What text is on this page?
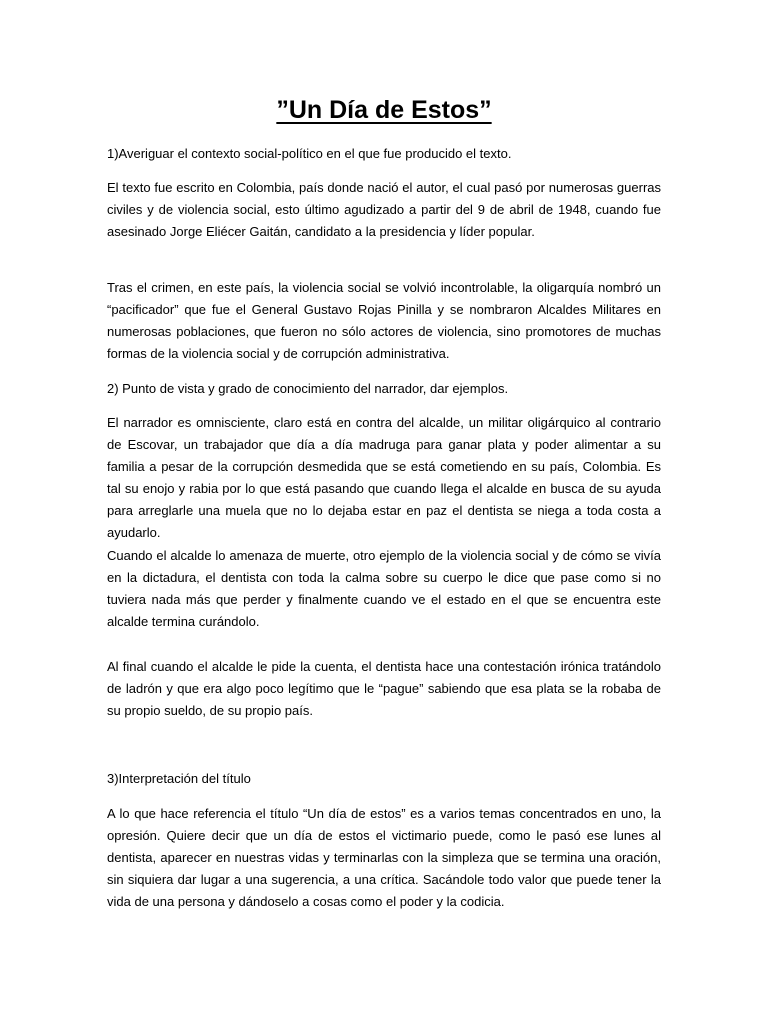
”Un Día de Estos”

1)Averiguar el contexto social-político en el que fue producido el texto.

El texto fue escrito en Colombia, país donde nació el autor, el cual pasó por numerosas guerras civiles y de violencia social, esto último agudizado a partir del 9 de abril de 1948, cuando fue asesinado Jorge Eliécer Gaitán, candidato a la presidencia y líder popular.

Tras el crimen, en este país, la violencia social se volvió incontrolable, la oligarquía nombró un “pacificador” que fue el General Gustavo Rojas Pinilla y se nombraron Alcaldes Militares en numerosas poblaciones, que fueron no sólo actores de violencia, sino promotores de muchas formas de la violencia social y de corrupción administrativa.

2) Punto de vista y grado de conocimiento del narrador, dar ejemplos.

El narrador es omnisciente, claro está en contra del alcalde, un militar oligárquico al contrario de Escovar, un trabajador que día a día madruga para ganar plata y poder alimentar a su familia a pesar de la corrupción desmedida que se está cometiendo en su país, Colombia. Es tal su enojo y rabia por lo que está pasando que cuando llega el alcalde en busca de su ayuda para arreglarle una muela que no lo dejaba estar en paz el dentista se niega a toda costa a ayudarlo.

Cuando el alcalde lo amenaza de muerte, otro ejemplo de la violencia social y de cómo se vivía en la dictadura, el dentista con toda la calma sobre su cuerpo le dice que pase como si no tuviera nada más que perder y finalmente cuando ve el estado en el que se encuentra este alcalde termina curándolo.

Al final cuando el alcalde le pide la cuenta, el dentista hace una contestación irónica tratándolo de ladrón y que era algo poco legítimo que le “pague” sabiendo que esa plata se la robaba de su propio sueldo, de su propio país.

3)Interpretación del título

A lo que hace referencia el título “Un día de estos” es a varios temas concentrados en uno, la opresión. Quiere decir que un día de estos el victimario puede, como le pasó ese lunes al dentista, aparecer en nuestras vidas y terminarlas con la simpleza que se termina una oración, sin siquiera dar lugar a una sugerencia, a una crítica. Sacándole todo valor que puede tener la vida de una persona y dándoselo a cosas como el poder y la codicia.
